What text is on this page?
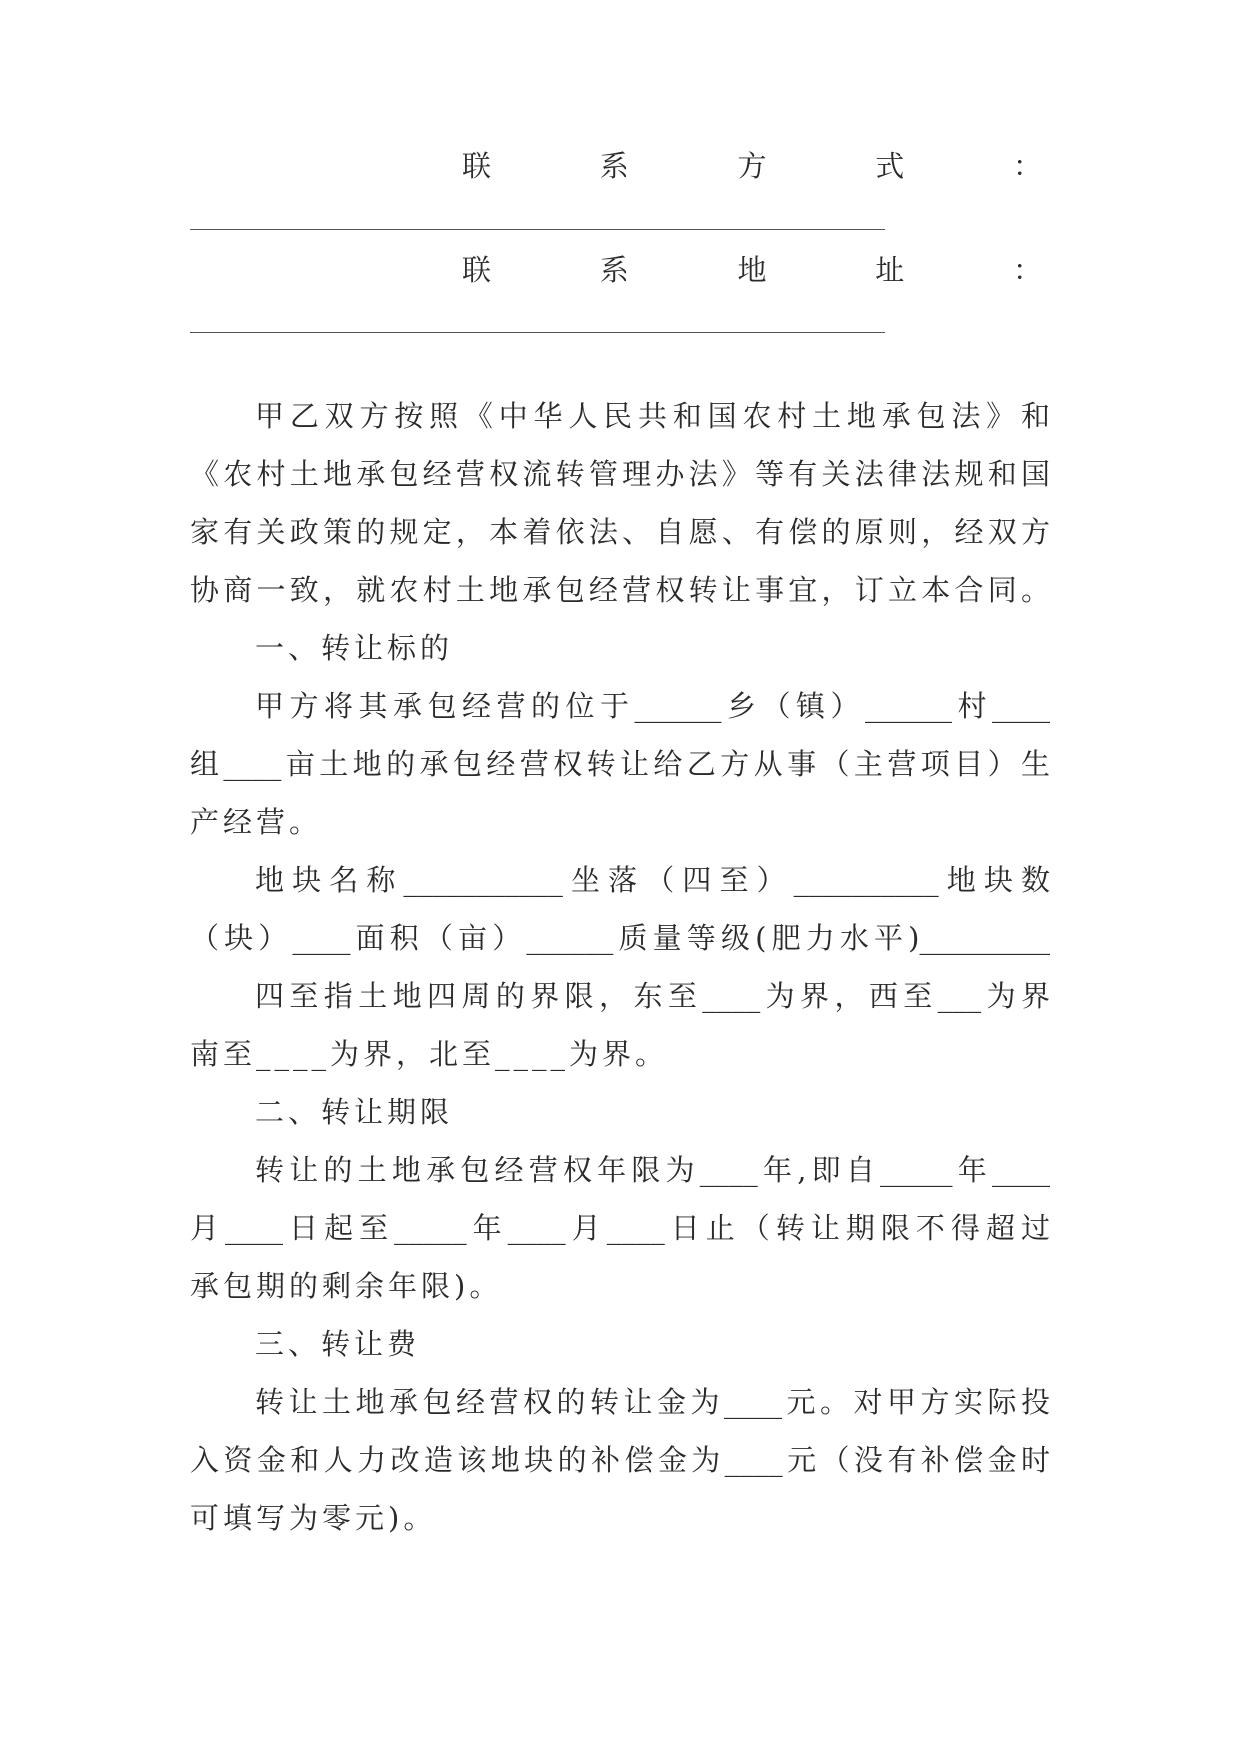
联	系	方	式	：
联	系	地	址	：
甲乙双方按照《中华人民共和国农村土地承包法》和
《农村土地承包经营权流转管理办法》等有关法律法规和国
家有关政策的规定，本着依法、自愿、有偿的原则，经双方
协商一致，就农村土地承包经营权转让事宜，订立本合同。
一、转让标的
甲方将其承包经营的位于______乡（镇）______村____
组____亩土地的承包经营权转让给乙方从事（主营项目）生
产经营。
地块名称___________坐落（四至）__________地块数
（块）____面积（亩）______质量等级(肥力水平)_________
四至指土地四周的界限，东至____为界，西至___为界
南至____为界，北至____为界。
二、转让期限
转让的土地承包经营权年限为____年,即自_____年____
月____日起至_____年____月____日止（转让期限不得超过
承包期的剩余年限)。
三、转让费
转让土地承包经营权的转让金为____元。对甲方实际投
入资金和人力改造该地块的补偿金为____元（没有补偿金时
可填写为零元)。
